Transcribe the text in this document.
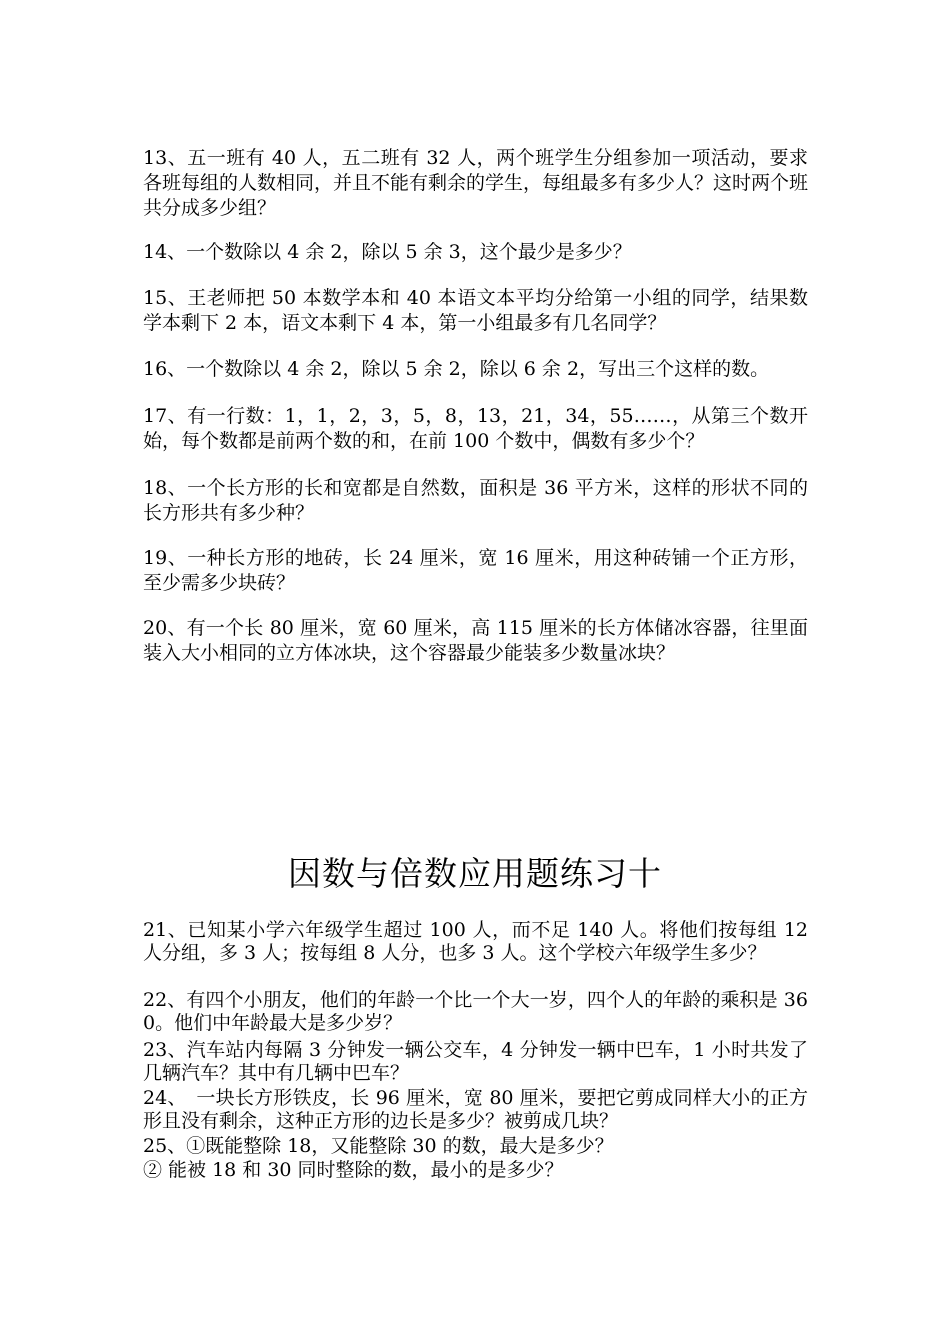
13、五一班有 40 人，五二班有 32 人，两个班学生分组参加一项活动，要求各班每组的人数相同，并且不能有剩余的学生，每组最多有多少人？这时两个班共分成多少组？
14、一个数除以 4 余 2，除以 5 余 3，这个最少是多少？
15、王老师把 50 本数学本和 40 本语文本平均分给第一小组的同学，结果数学本剩下 2 本，语文本剩下 4 本，第一小组最多有几名同学？
16、一个数除以 4 余 2，除以 5 余 2，除以 6 余 2，写出三个这样的数。
17、有一行数：1，1，2，3，5，8，13，21，34，55……，从第三个数开始，每个数都是前两个数的和，在前 100 个数中，偶数有多少个？
18、一个长方形的长和宽都是自然数，面积是 36 平方米，这样的形状不同的长方形共有多少种？
19、一种长方形的地砖，长 24 厘米，宽 16 厘米，用这种砖铺一个正方形，至少需多少块砖？
20、有一个长 80 厘米，宽 60 厘米，高 115 厘米的长方体储冰容器，往里面装入大小相同的立方体冰块，这个容器最少能装多少数量冰块？
因数与倍数应用题练习十
21、已知某小学六年级学生超过 100 人，而不足 140 人。将他们按每组 12 人分组，多 3 人；按每组 8 人分，也多 3 人。这个学校六年级学生多少？
22、有四个小朋友，他们的年龄一个比一个大一岁，四个人的年龄的乘积是 360。他们中年龄最大是多少岁？
23、汽车站内每隔 3 分钟发一辆公交车，4 分钟发一辆中巴车，1 小时共发了几辆汽车？其中有几辆中巴车？
24、　一块长方形铁皮，长 96 厘米，宽 80 厘米，要把它剪成同样大小的正方形且没有剩余，这种正方形的边长是多少？被剪成几块？
25、①既能整除 18，又能整除 30 的数，最大是多少？
② 能被 18 和 30 同时整除的数，最小的是多少？
